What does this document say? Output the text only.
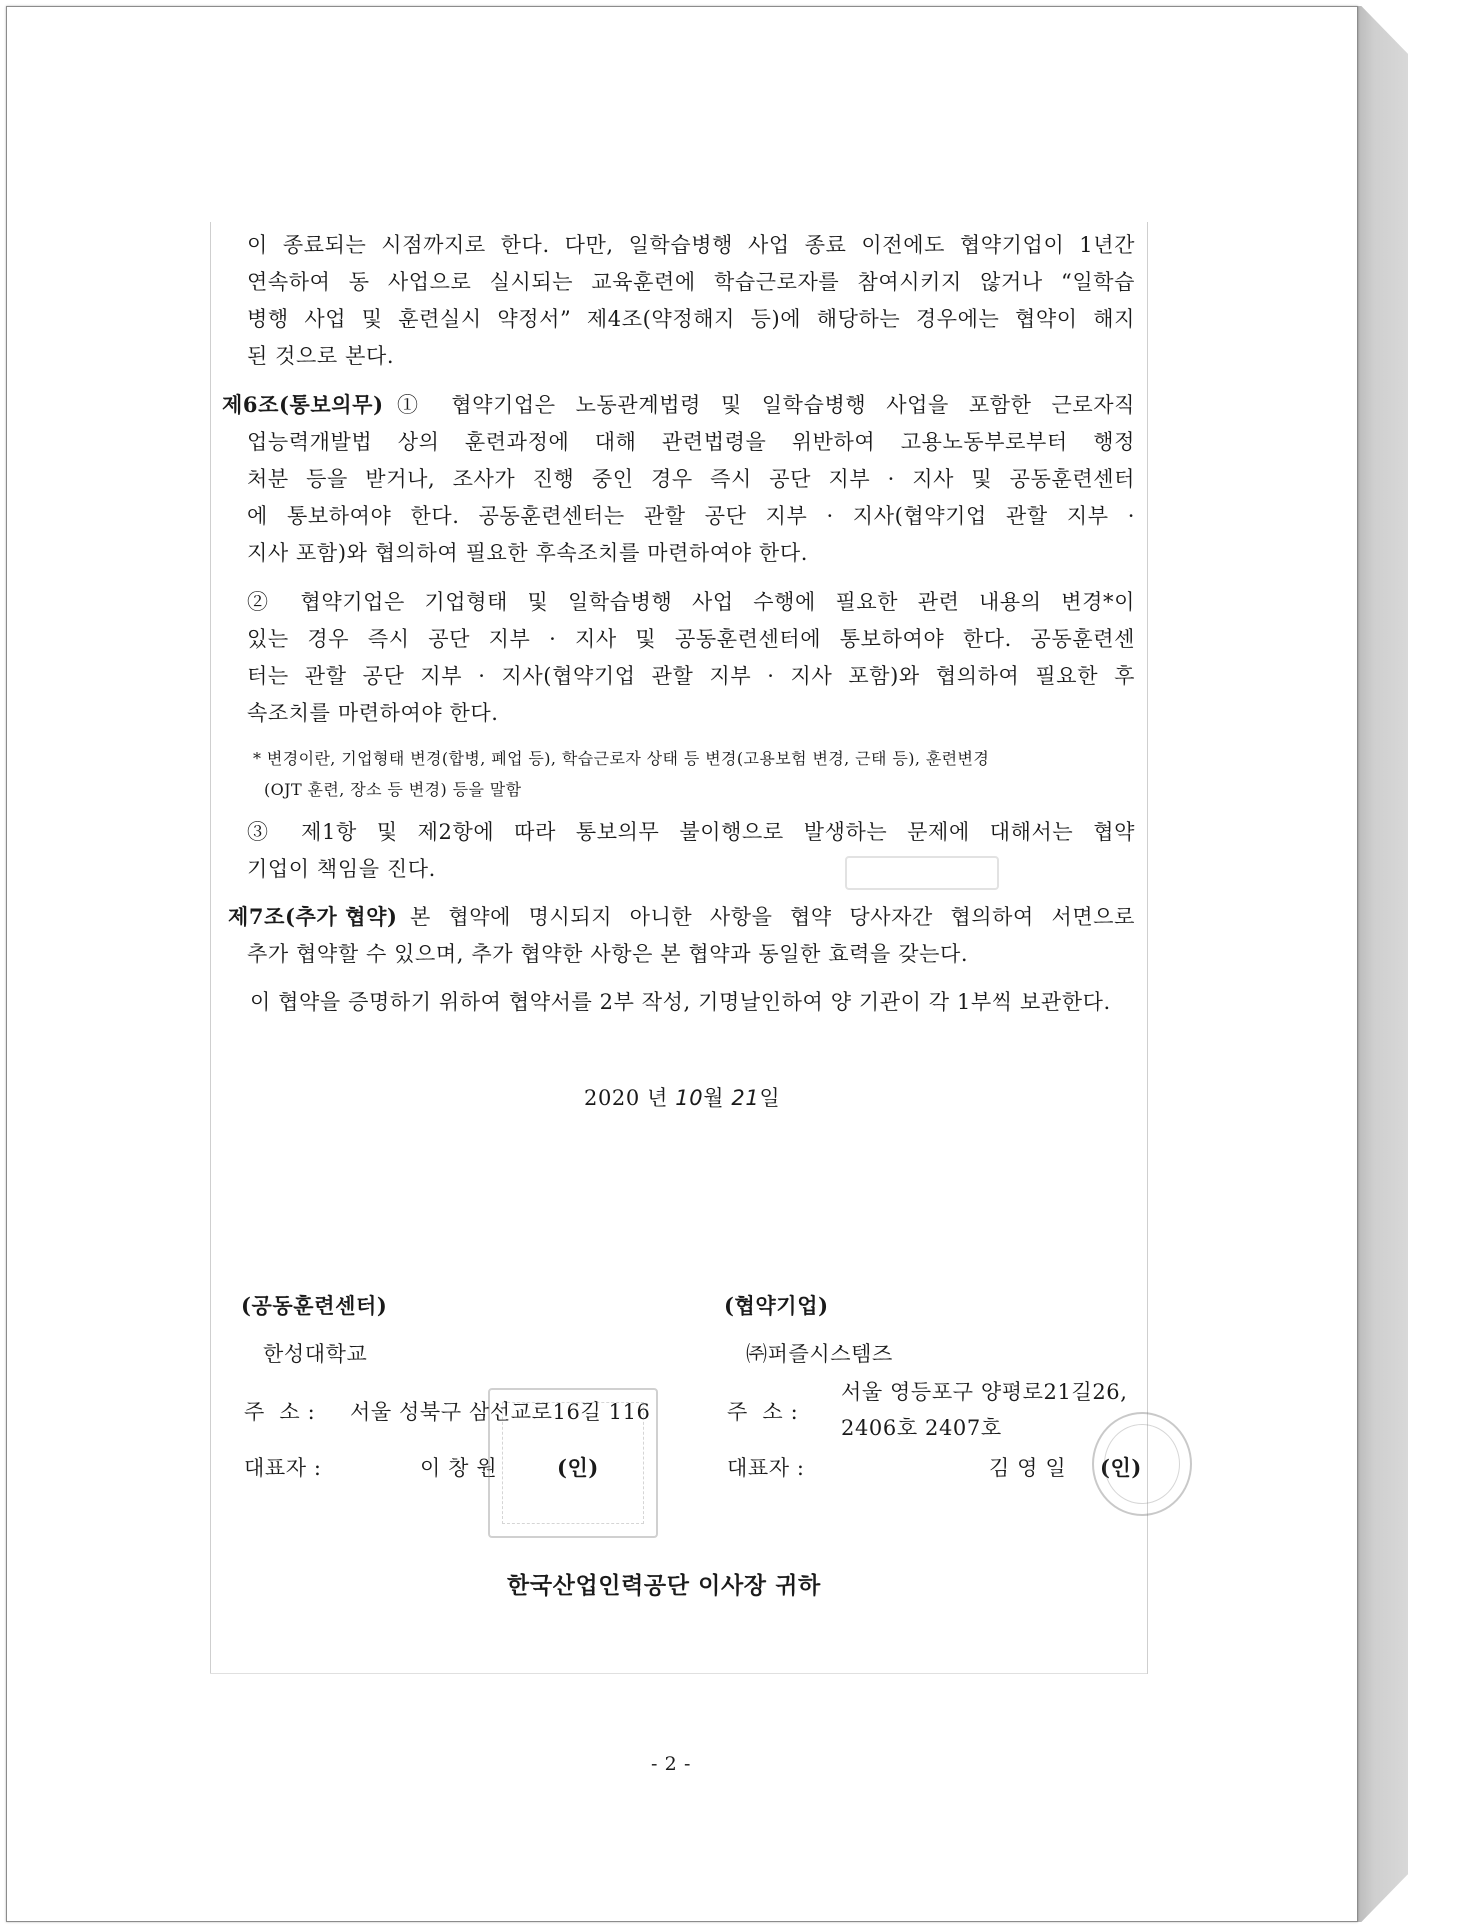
이 종료되는 시점까지로 한다. 다만, 일학습병행 사업 종료 이전에도 협약기업이 1년간
연속하여 동 사업으로 실시되는 교육훈련에 학습근로자를 참여시키지 않거나 “일학습
병행 사업 및 훈련실시 약정서” 제4조(약정해지 등)에 해당하는 경우에는 협약이 해지
된 것으로 본다.
제6조(통보의무) ① 협약기업은 노동관계법령 및 일학습병행 사업을 포함한 근로자직
업능력개발법 상의 훈련과정에 대해 관련법령을 위반하여 고용노동부로부터 행정
처분 등을 받거나, 조사가 진행 중인 경우 즉시 공단 지부 · 지사 및 공동훈련센터
에 통보하여야 한다. 공동훈련센터는 관할 공단 지부 · 지사(협약기업 관할 지부 ·
지사 포함)와 협의하여 필요한 후속조치를 마련하여야 한다.
② 협약기업은 기업형태 및 일학습병행 사업 수행에 필요한 관련 내용의 변경*이
있는 경우 즉시 공단 지부 · 지사 및 공동훈련센터에 통보하여야 한다. 공동훈련센
터는 관할 공단 지부 · 지사(협약기업 관할 지부 · 지사 포함)와 협의하여 필요한 후
속조치를 마련하여야 한다.
* 변경이란, 기업형태 변경(합병, 폐업 등), 학습근로자 상태 등 변경(고용보험 변경, 근태 등), 훈련변경
(OJT 훈련, 장소 등 변경) 등을 말함
③ 제1항 및 제2항에 따라 통보의무 불이행으로 발생하는 문제에 대해서는 협약
기업이 책임을 진다.
제7조(추가 협약) 본 협약에 명시되지 아니한 사항을 협약 당사자간 협의하여 서면으로
추가 협약할 수 있으며, 추가 협약한 사항은 본 협약과 동일한 효력을 갖는다.
이 협약을 증명하기 위하여 협약서를 2부 작성, 기명날인하여 양 기관이 각 1부씩 보관한다.
2020 년 10월 21일
(공동훈련센터)
한성대학교
주  소 : 서울 성북구 삼선교로16길 116
대표자 :	이 창 원	(인)
(협약기업)
㈜퍼즐시스템즈
주  소 :
서울 영등포구 양평로21길26,
2406호 2407호
대표자 :	김 영 일 (인)
한국산업인력공단 이사장 귀하
- 2 -
